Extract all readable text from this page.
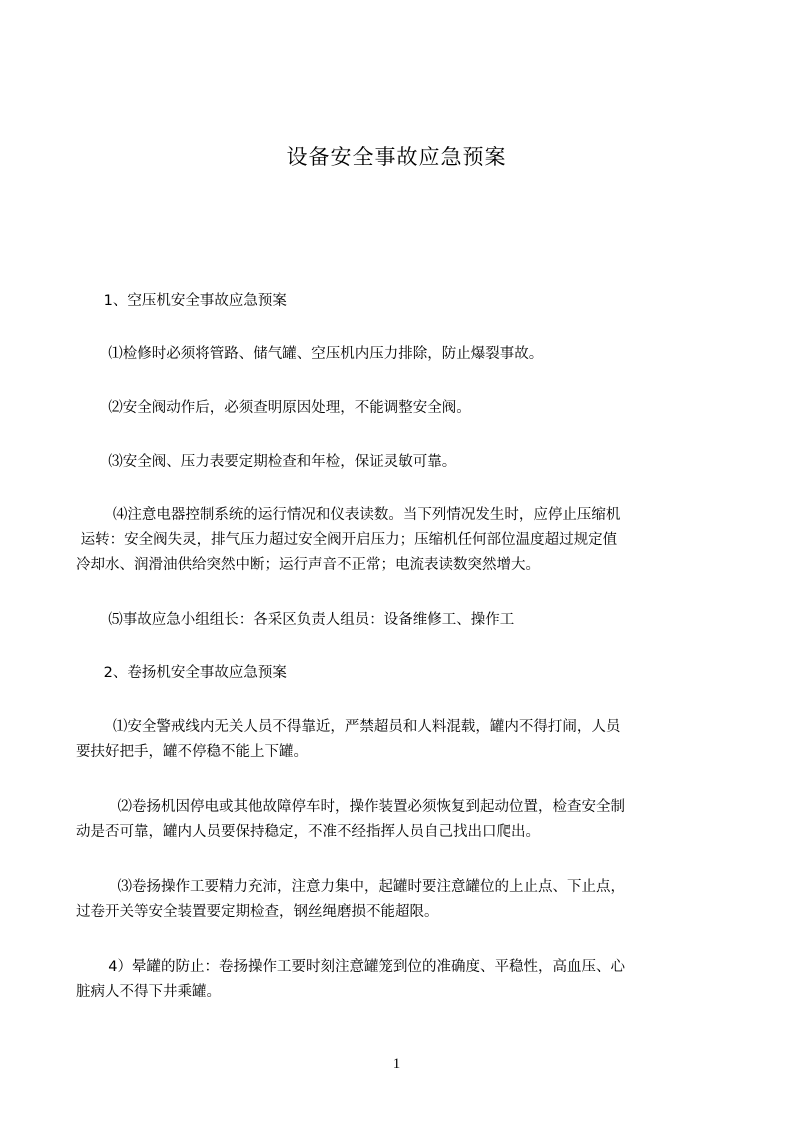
设备安全事故应急预案
1、空压机安全事故应急预案
⑴检修时必须将管路、储气罐、空压机内压力排除，防止爆裂事故。
⑵安全阀动作后，必须查明原因处理，不能调整安全阀。
⑶安全阀、压力表要定期检查和年检，保证灵敏可靠。
⑷注意电器控制系统的运行情况和仪表读数。当下列情况发生时，应停止压缩机
运转：安全阀失灵，排气压力超过安全阀开启压力；压缩机任何部位温度超过规定值
冷却水、润滑油供给突然中断；运行声音不正常；电流表读数突然增大。
⑸事故应急小组组长：各采区负责人组员：设备维修工、操作工
2、卷扬机安全事故应急预案
⑴安全警戒线内无关人员不得靠近，严禁超员和人料混载，罐内不得打闹，人员
要扶好把手，罐不停稳不能上下罐。
⑵卷扬机因停电或其他故障停车时，操作装置必须恢复到起动位置，检查安全制
动是否可靠，罐内人员要保持稳定，不准不经指挥人员自己找出口爬出。
⑶卷扬操作工要精力充沛，注意力集中，起罐时要注意罐位的上止点、下止点，
过卷开关等安全装置要定期检查，钢丝绳磨损不能超限。
4）晕罐的防止：卷扬操作工要时刻注意罐笼到位的准确度、平稳性，高血压、心
脏病人不得下井乘罐。
1
